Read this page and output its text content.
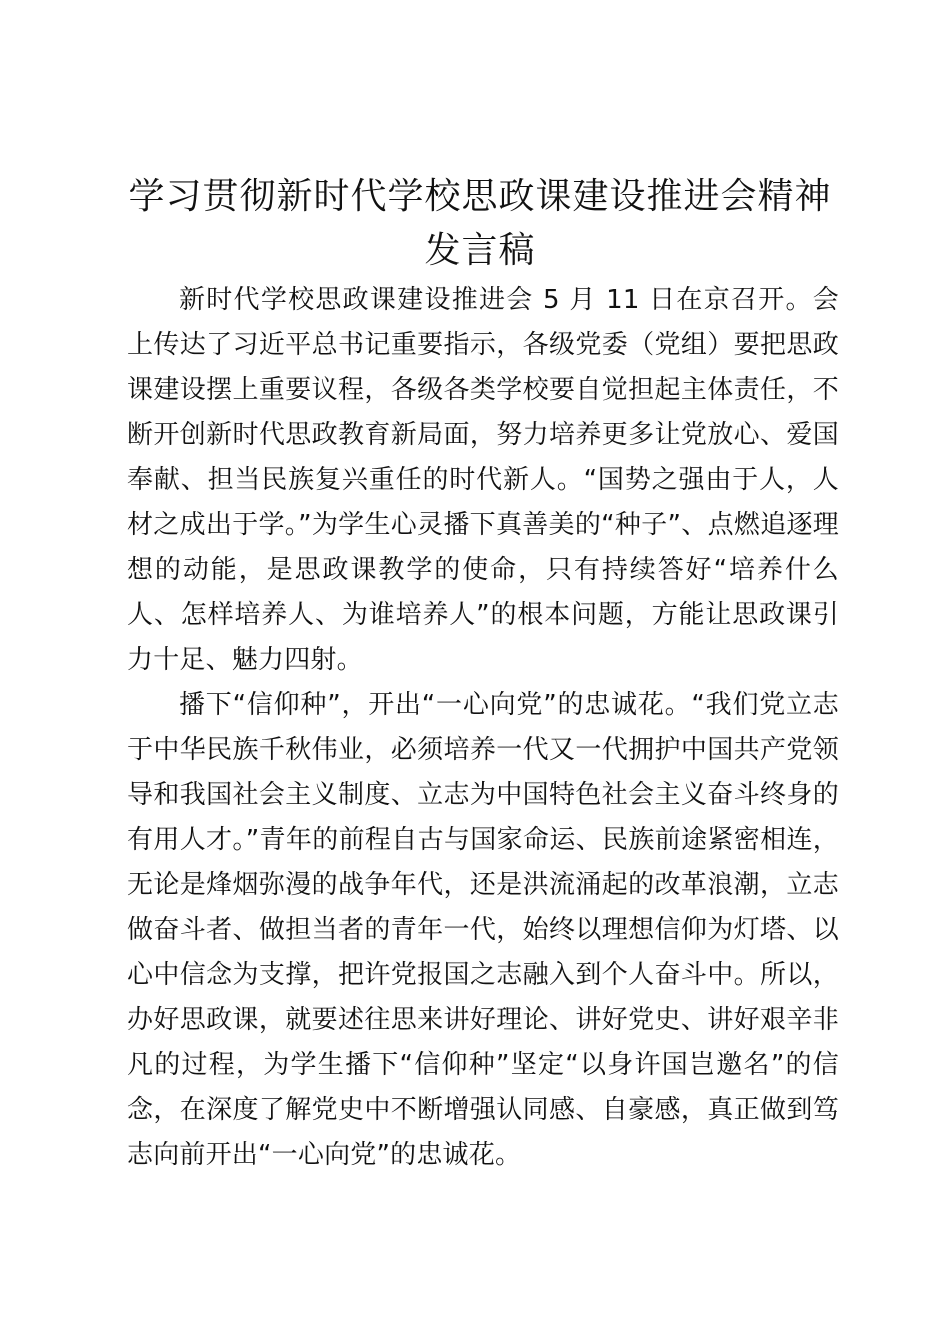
学习贯彻新时代学校思政课建设推进会精神发言稿

新时代学校思政课建设推进会 5 月 11 日在京召开。会上传达了习近平总书记重要指示，各级党委（党组）要把思政课建设摆上重要议程，各级各类学校要自觉担起主体责任，不断开创新时代思政教育新局面，努力培养更多让党放心、爱国奉献、担当民族复兴重任的时代新人。“国势之强由于人，人材之成出于学。”为学生心灵播下真善美的“种子”、点燃追逐理想的动能，是思政课教学的使命，只有持续答好“培养什么人、怎样培养人、为谁培养人”的根本问题，方能让思政课引力十足、魅力四射。

播下“信仰种”，开出“一心向党”的忠诚花。“我们党立志于中华民族千秋伟业，必须培养一代又一代拥护中国共产党领导和我国社会主义制度、立志为中国特色社会主义奋斗终身的有用人才。”青年的前程自古与国家命运、民族前途紧密相连，无论是烽烟弥漫的战争年代，还是洪流涌起的改革浪潮，立志做奋斗者、做担当者的青年一代，始终以理想信仰为灯塔、以心中信念为支撑，把许党报国之志融入到个人奋斗中。所以，办好思政课，就要述往思来讲好理论、讲好党史、讲好艰辛非凡的过程，为学生播下“信仰种”坚定“以身许国岂邀名”的信念，在深度了解党史中不断增强认同感、自豪感，真正做到笃志向前开出“一心向党”的忠诚花。
